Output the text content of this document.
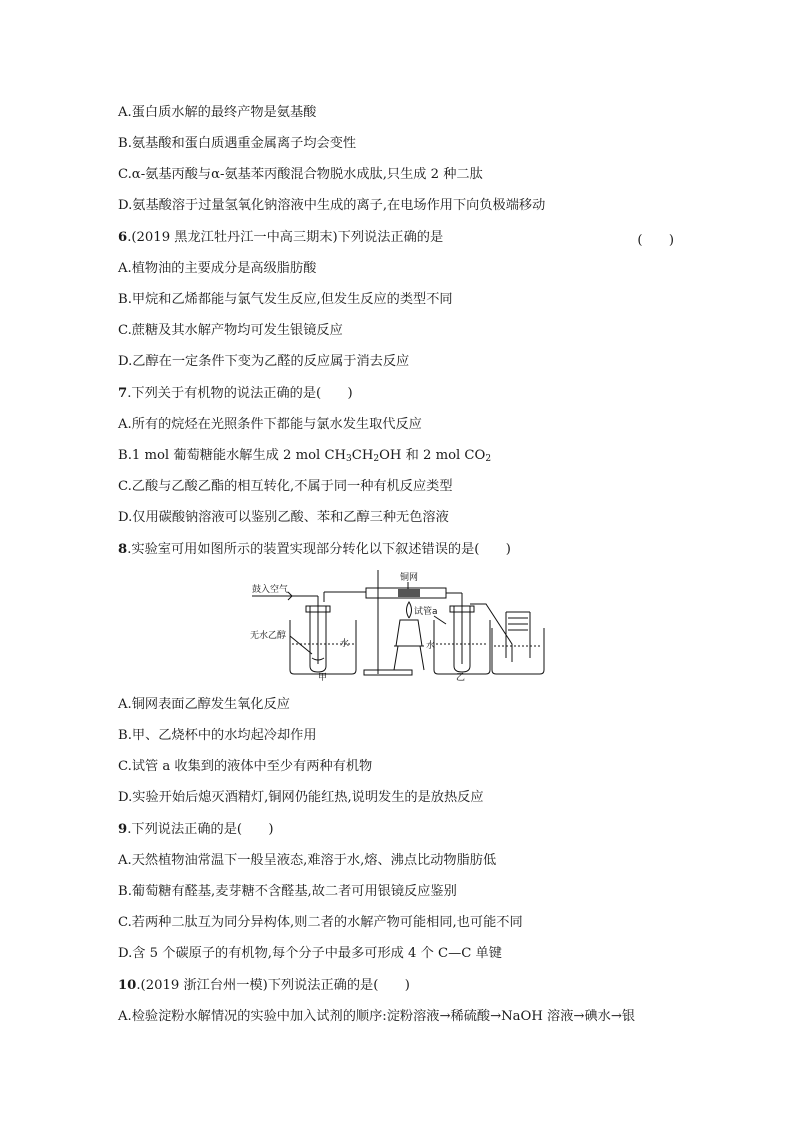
A.蛋白质水解的最终产物是氨基酸
B.氨基酸和蛋白质遇重金属离子均会变性
C.α-氨基丙酸与α-氨基苯丙酸混合物脱水成肽,只生成 2 种二肽
D.氨基酸溶于过量氢氧化钠溶液中生成的离子,在电场作用下向负极端移动
6.(2019 黑龙江牡丹江一中高三期末)下列说法正确的是	(　　)
A.植物油的主要成分是高级脂肪酸
B.甲烷和乙烯都能与氯气发生反应,但发生反应的类型不同
C.蔗糖及其水解产物均可发生银镜反应
D.乙醇在一定条件下变为乙醛的反应属于消去反应
7.下列关于有机物的说法正确的是(　　)
A.所有的烷烃在光照条件下都能与氯水发生取代反应
B.1 mol 葡萄糖能水解生成 2 mol $CH_3CH_2OH$ 和 2 mol $CO_2$
C.乙酸与乙酸乙酯的相互转化,不属于同一种有机反应类型
D.仅用碳酸钠溶液可以鉴别乙酸、苯和乙醇三种无色溶液
8.实验室可用如图所示的装置实现部分转化以下叙述错误的是(　　)
鼓入空气
无水乙醇
水
甲
铜网
试管a
水
乙
A.铜网表面乙醇发生氧化反应
B.甲、乙烧杯中的水均起冷却作用
C.试管 a 收集到的液体中至少有两种有机物
D.实验开始后熄灭酒精灯,铜网仍能红热,说明发生的是放热反应
9.下列说法正确的是(　　)
A.天然植物油常温下一般呈液态,难溶于水,熔、沸点比动物脂肪低
B.葡萄糖有醛基,麦芽糖不含醛基,故二者可用银镜反应鉴别
C.若两种二肽互为同分异构体,则二者的水解产物可能相同,也可能不同
D.含 5 个碳原子的有机物,每个分子中最多可形成 4 个 C—C 单键
10.(2019 浙江台州一模)下列说法正确的是(　　)
A.检验淀粉水解情况的实验中加入试剂的顺序:淀粉溶液→稀硫酸→NaOH 溶液→碘水→银
